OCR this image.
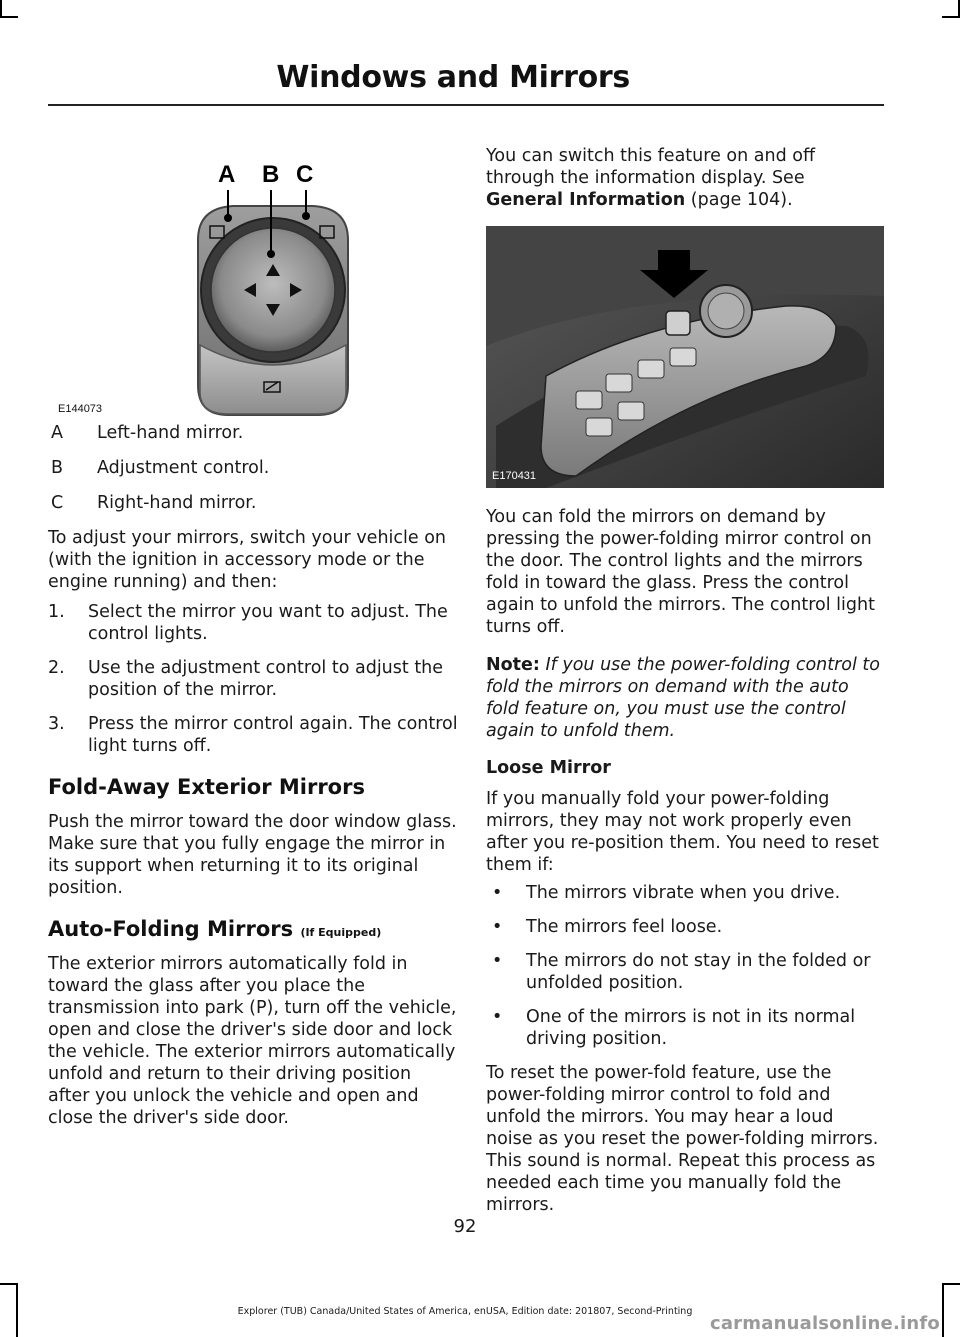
Windows and Mirrors
A B C
E144073
A	Left-hand mirror.
B	Adjustment control.
C	Right-hand mirror.

To adjust your mirrors, switch your vehicle on (with the ignition in accessory mode or the engine running) and then:

1.	Select the mirror you want to adjust. The control lights.
2.	Use the adjustment control to adjust the position of the mirror.
3.	Press the mirror control again. The control light turns off.
Fold-Away Exterior Mirrors

Push the mirror toward the door window glass. Make sure that you fully engage the mirror in its support when returning it to its original position.

Auto-Folding Mirrors (If Equipped)

The exterior mirrors automatically fold in toward the glass after you place the transmission into park (P), turn off the vehicle, open and close the driver's side door and lock the vehicle. The exterior mirrors automatically unfold and return to their driving position after you unlock the vehicle and open and close the driver's side door.

You can switch this feature on and off through the information display. See General Information (page 104).

E170431

You can fold the mirrors on demand by pressing the power-folding mirror control on the door. The control lights and the mirrors fold in toward the glass. Press the control again to unfold the mirrors. The control light turns off.

Note: If you use the power-folding control to fold the mirrors on demand with the auto fold feature on, you must use the control again to unfold them.

Loose Mirror

If you manually fold your power-folding mirrors, they may not work properly even after you re-position them. You need to reset them if:

•	The mirrors vibrate when you drive.
•	The mirrors feel loose.
•	The mirrors do not stay in the folded or unfolded position.
•	One of the mirrors is not in its normal driving position.

To reset the power-fold feature, use the power-folding mirror control to fold and unfold the mirrors. You may hear a loud noise as you reset the power-folding mirrors. This sound is normal. Repeat this process as needed each time you manually fold the mirrors.

92
Explorer (TUB) Canada/United States of America, enUSA, Edition date: 201807, Second-Printing
carmanualsonline.info
